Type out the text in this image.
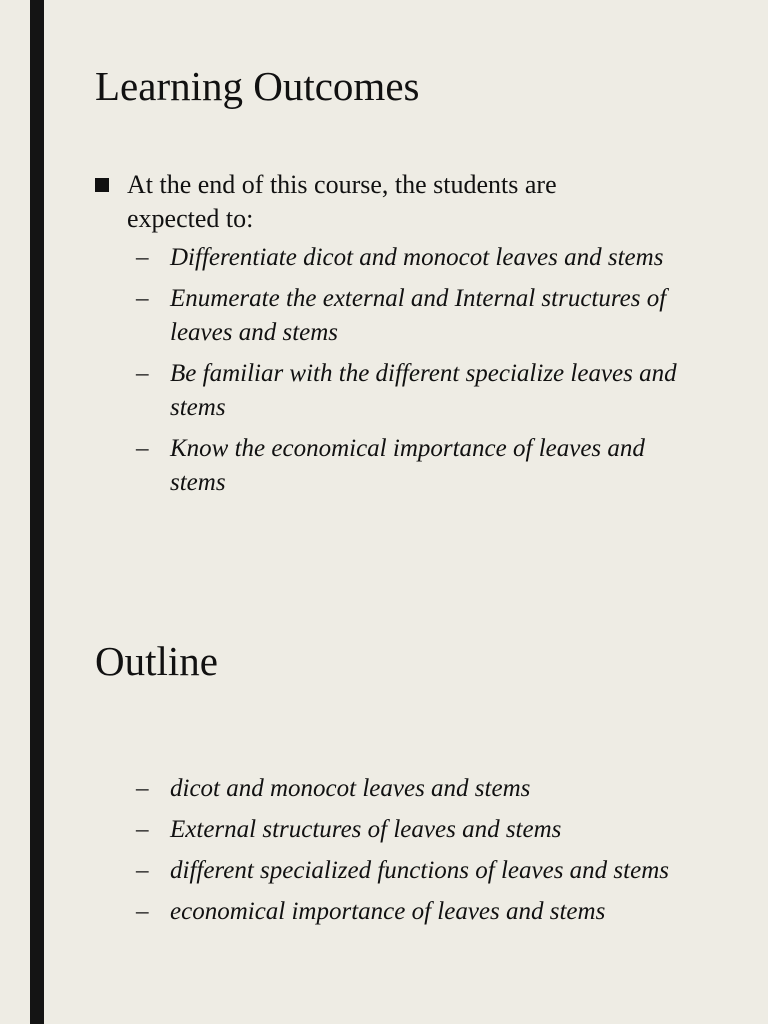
Learning Outcomes
At the end of this course, the students are expected to:
– Differentiate dicot and monocot leaves and stems
– Enumerate the external and Internal structures of leaves and stems
– Be familiar with the different specialize leaves and stems
– Know the economical importance of leaves and stems
Outline
– dicot and monocot leaves and stems
– External structures of leaves and stems
– different specialized functions of leaves and stems
– economical importance of leaves and stems
